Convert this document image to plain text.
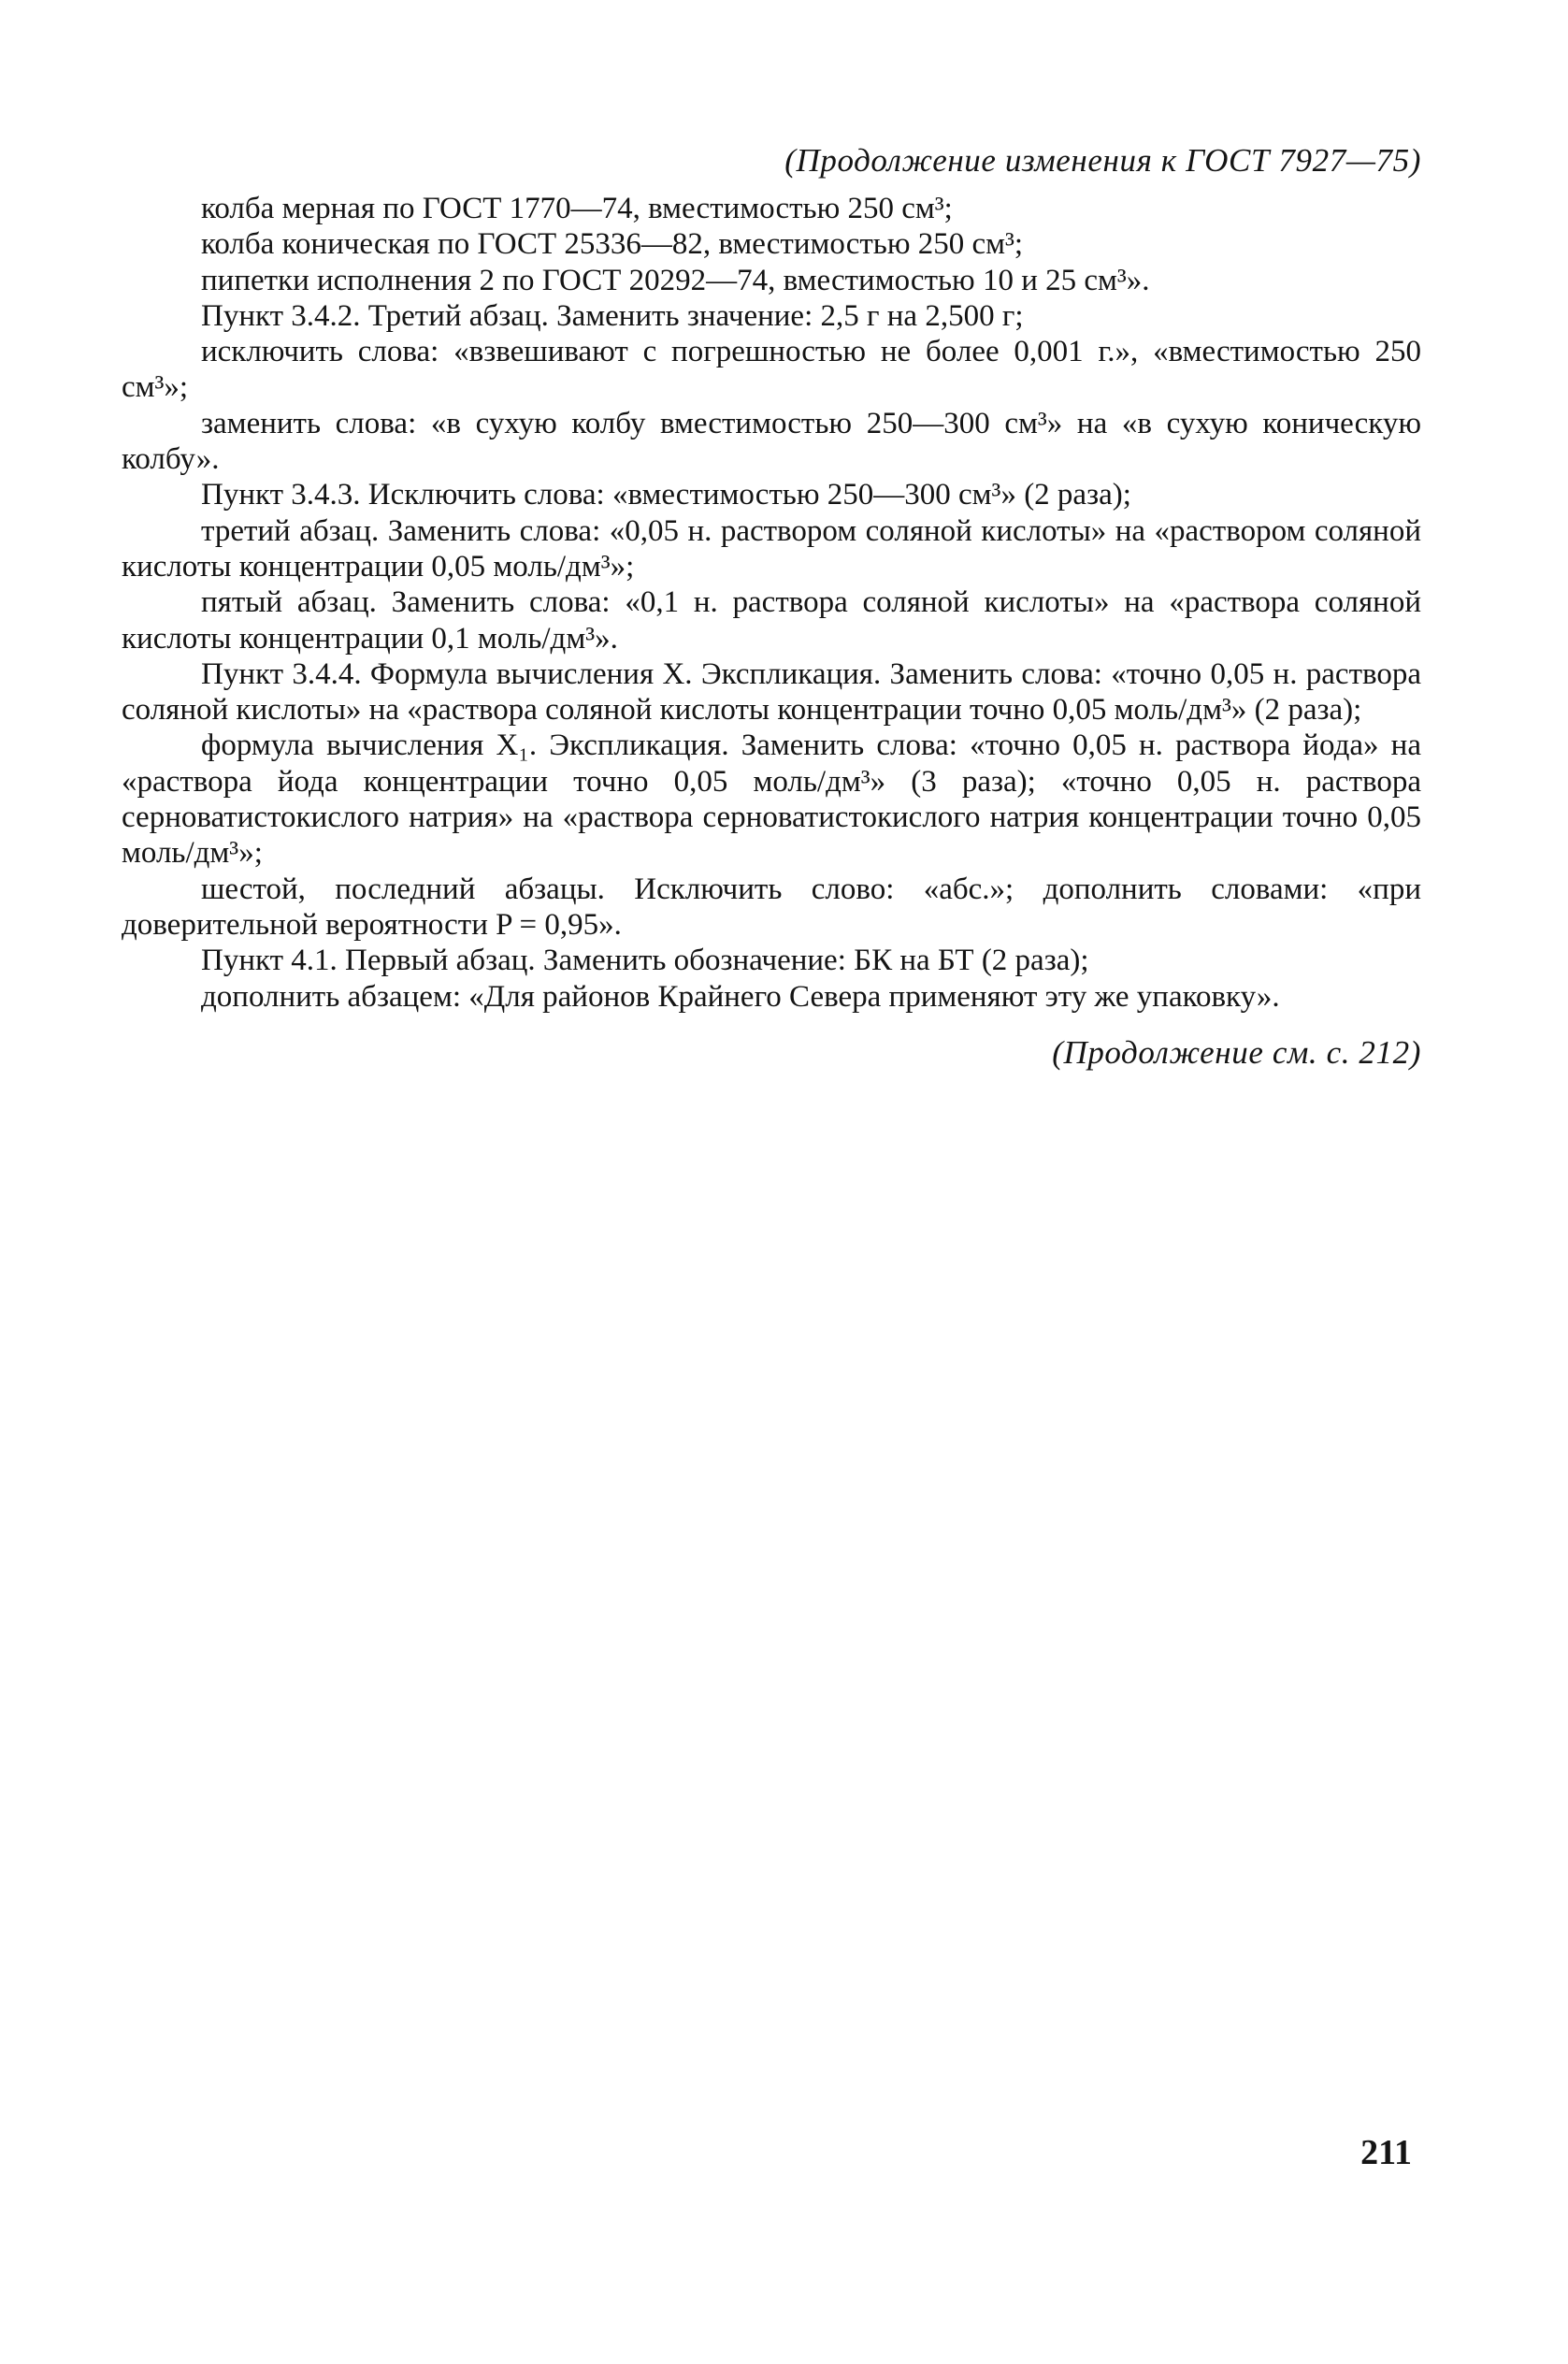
(Продолжение изменения к ГОСТ 7927—75)

колба мерная по ГОСТ 1770—74, вместимостью 250 см³;

колба коническая по ГОСТ 25336—82, вместимостью 250 см³;

пипетки исполнения 2 по ГОСТ 20292—74, вместимостью 10 и 25 см³».

Пункт 3.4.2. Третий абзац. Заменить значение: 2,5 г на 2,500 г;

исключить слова: «взвешивают с погрешностью не более 0,001 г.», «вместимостью 250 см³»;

заменить слова: «в сухую колбу вместимостью 250—300 см³» на «в сухую коническую колбу».

Пункт 3.4.3. Исключить слова: «вместимостью 250—300 см³» (2 раза);

третий абзац. Заменить слова: «0,05 н. раствором соляной кислоты» на «раствором соляной кислоты концентрации 0,05 моль/дм³»;

пятый абзац. Заменить слова: «0,1 н. раствора соляной кислоты» на «раствора соляной кислоты концентрации 0,1 моль/дм³».

Пункт 3.4.4. Формула вычисления X. Экспликация. Заменить слова: «точно 0,05 н. раствора соляной кислоты» на «раствора соляной кислоты концентрации точно 0,05 моль/дм³» (2 раза);

формула вычисления X₁. Экспликация. Заменить слова: «точно 0,05 н. раствора йода» на «раствора йода концентрации точно 0,05 моль/дм³» (3 раза); «точно 0,05 н. раствора серноватистокислого натрия» на «раствора серноватистокислого натрия концентрации точно 0,05 моль/дм³»;

шестой, последний абзацы. Исключить слово: «абс.»; дополнить словами: «при доверительной вероятности P = 0,95».

Пункт 4.1. Первый абзац. Заменить обозначение: БК на БТ (2 раза);

дополнить абзацем: «Для районов Крайнего Севера применяют эту же упаковку».

(Продолжение см. с. 212)
211
